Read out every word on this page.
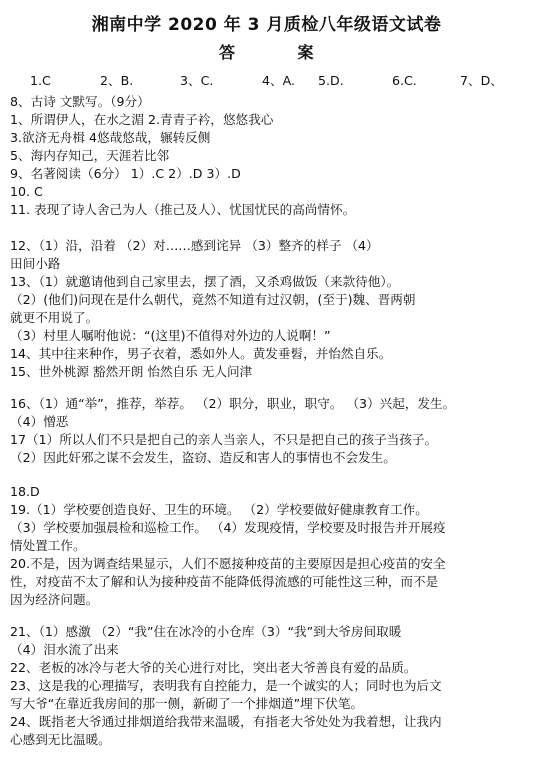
湘南中学 2020 年 3 月质检八年级语文试卷
答	案
1.C	2、B.	3、C.	4、A. 5.D.	6.C.	7、D、
8、古诗 文默写。（9分）
1、所谓伊人，在水之湄 2.青青子衿，悠悠我心
3.欲济无舟楫 4悠哉悠哉，辗转反侧
5、海内存知己，天涯若比邻
9、名著阅读（6分） 1）.C 2）.D 3）.D
10. C
11. 表现了诗人舍己为人（推己及人）、忧国忧民的高尚情怀。
12、（1）沿，沿着 （2）对……感到诧异 （3）整齐的样子 （4）
田间小路
13、（1）就邀请他到自己家里去，摆了酒，又杀鸡做饭（来款待他）。
（2）(他们)问现在是什么朝代，竟然不知道有过汉朝，(至于)魏、晋两朝
就更不用说了。
（3）村里人嘱咐他说：“(这里)不值得对外边的人说啊！”
14、其中往来种作，男子衣着，悉如外人。黄发垂髫，并怡然自乐。
15、世外桃源 豁然开朗 怡然自乐 无人问津
16、（1）通“举”，推荐，举荐。 （2）职分，职业，职守。 （3）兴起，发生。
（4）憎恶
17（1）所以人们不只是把自己的亲人当亲人，不只是把自己的孩子当孩子。
（2）因此奸邪之谋不会发生，盗窃、造反和害人的事情也不会发生。
18.D
19.（1）学校要创造良好、卫生的环境。 （2）学校要做好健康教育工作。
（3）学校要加强晨检和巡检工作。 （4）发现疫情，学校要及时报告并开展疫
情处置工作。
20.不是，因为调查结果显示，人们不愿接种疫苗的主要原因是担心疫苗的安全
性，对疫苗不太了解和认为接种疫苗不能降低得流感的可能性这三种，而不是
因为经济问题。
21、（1）感激 （2）“我”住在冰冷的小仓库（3）“我”到大爷房间取暖
（4）泪水流了出来
22、老板的冰冷与老大爷的关心进行对比，突出老大爷善良有爱的品质。
23、这是我的心理描写，表明我有自控能力，是一个诚实的人；同时也为后文
写大爷“在靠近我房间的那一侧，新砌了一个排烟道”埋下伏笔。
24、既指老大爷通过排烟道给我带来温暖，有指老大爷处处为我着想，让我内
心感到无比温暖。
